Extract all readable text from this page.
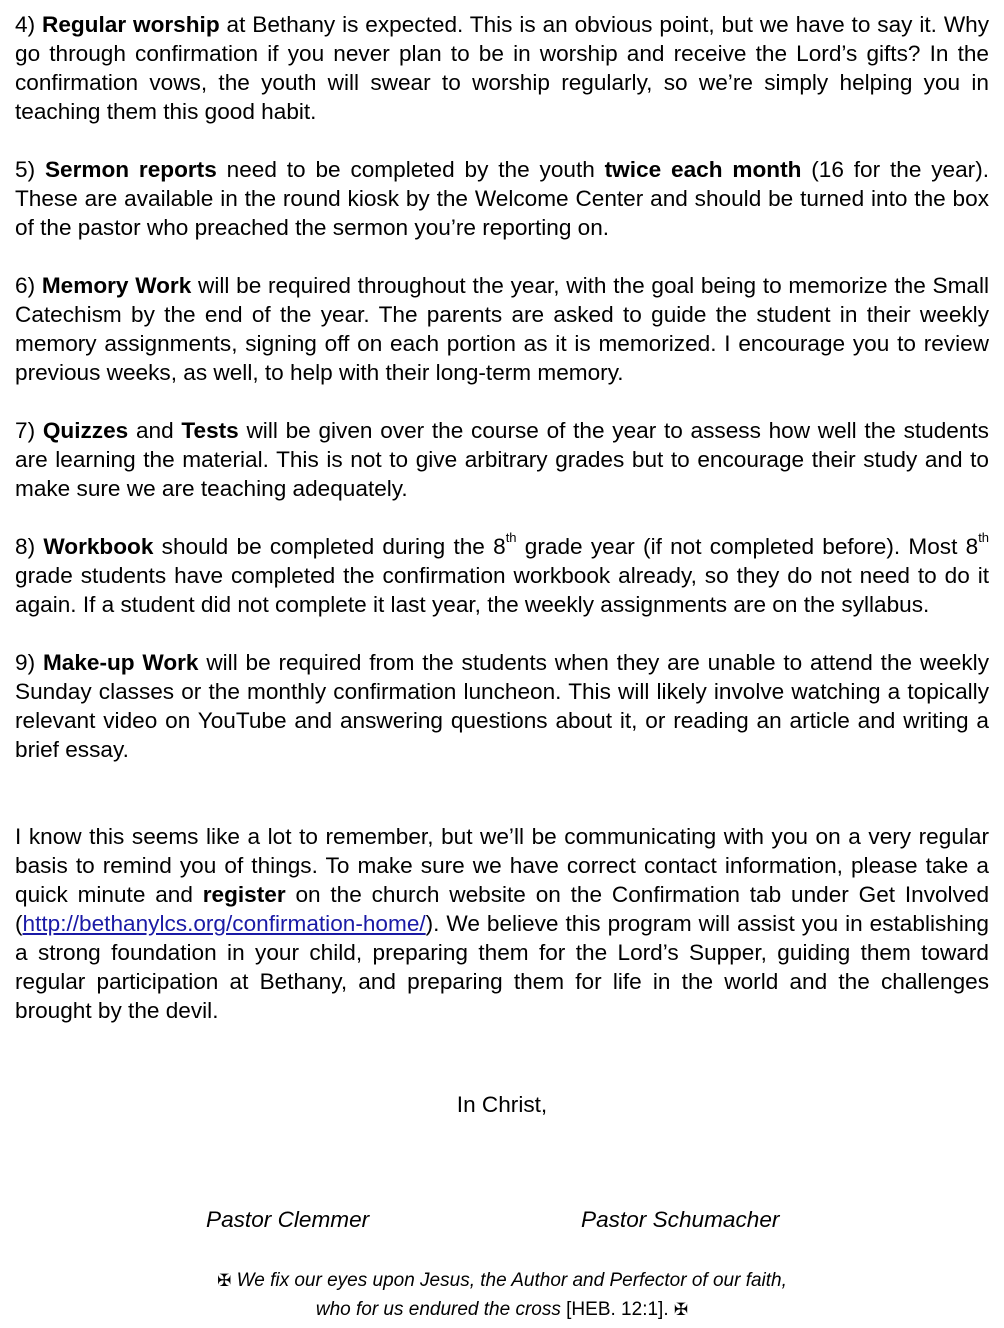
4) Regular worship at Bethany is expected. This is an obvious point, but we have to say it. Why go through confirmation if you never plan to be in worship and receive the Lord’s gifts? In the confirmation vows, the youth will swear to worship regularly, so we’re simply helping you in teaching them this good habit.

5) Sermon reports need to be completed by the youth twice each month (16 for the year). These are available in the round kiosk by the Welcome Center and should be turned into the box of the pastor who preached the sermon you’re reporting on.

6) Memory Work will be required throughout the year, with the goal being to memorize the Small Catechism by the end of the year. The parents are asked to guide the student in their weekly memory assignments, signing off on each portion as it is memorized. I encourage you to review previous weeks, as well, to help with their long-term memory.

7) Quizzes and Tests will be given over the course of the year to assess how well the students are learning the material. This is not to give arbitrary grades but to encourage their study and to make sure we are teaching adequately.

8) Workbook should be completed during the 8th grade year (if not completed before). Most 8th grade students have completed the confirmation workbook already, so they do not need to do it again. If a student did not complete it last year, the weekly assignments are on the syllabus.

9) Make-up Work will be required from the students when they are unable to attend the weekly Sunday classes or the monthly confirmation luncheon. This will likely involve watching a topically relevant video on YouTube and answering questions about it, or reading an article and writing a brief essay.

I know this seems like a lot to remember, but we’ll be communicating with you on a very regular basis to remind you of things. To make sure we have correct contact information, please take a quick minute and register on the church website on the Confirmation tab under Get Involved (http://bethanylcs.org/confirmation-home/). We believe this program will assist you in establishing a strong foundation in your child, preparing them for the Lord’s Supper, guiding them toward regular participation at Bethany, and preparing them for life in the world and the challenges brought by the devil.

In Christ,
Pastor Clemmer	Pastor Schumacher
✠ We fix our eyes upon Jesus, the Author and Perfector of our faith,
who for us endured the cross [HEB. 12:1]. ✠
